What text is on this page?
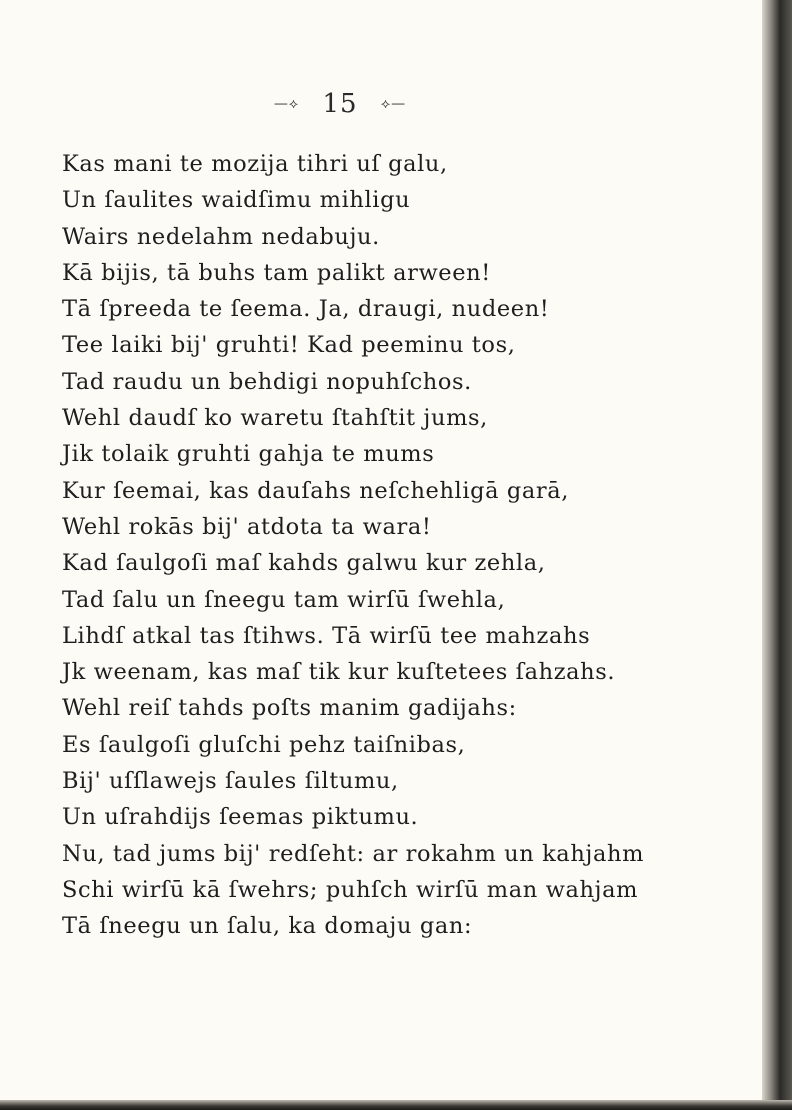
—⟡ 15 ⟡—
Kas mani te mozija tihri uſ galu,
Un ſaulites waidſimu mihligu
Wairs nedelahm nedabuju.
Kā bijis, tā buhs tam palikt arween!
Tā ſpreeda te ſeema. Ja, draugi, nudeen!
Tee laiki bij' gruhti! Kad peeminu tos,
Tad raudu un behdigi nopuhſchos.
Wehl daudſ ko waretu ſtahſtit jums,
Jik tolaik gruhti gahja te mums
Kur ſeemai, kas dauſahs neſchehligā garā,
Wehl rokās bij' atdota ta wara!
Kad ſaulgoſi maſ kahds galwu kur zehla,
Tad ſalu un ſneegu tam wirſū ſwehla,
Lihdſ atkal tas ſtihws. Tā wirſū tee mahzahs
Jk weenam, kas maſ tik kur kuſtetees ſahzahs.
Wehl reiſ tahds poſts manim gadijahs:
Es ſaulgoſi gluſchi pehz taiſnibas,
Bij' uſſlawejs ſaules ſiltumu,
Un uſrahdijs ſeemas piktumu.
Nu, tad jums bij' redſeht: ar rokahm un kahjahm
Schi wirſū kā ſwehrs; puhſch wirſū man wahjam
Tā ſneegu un ſalu, ka domaju gan:
